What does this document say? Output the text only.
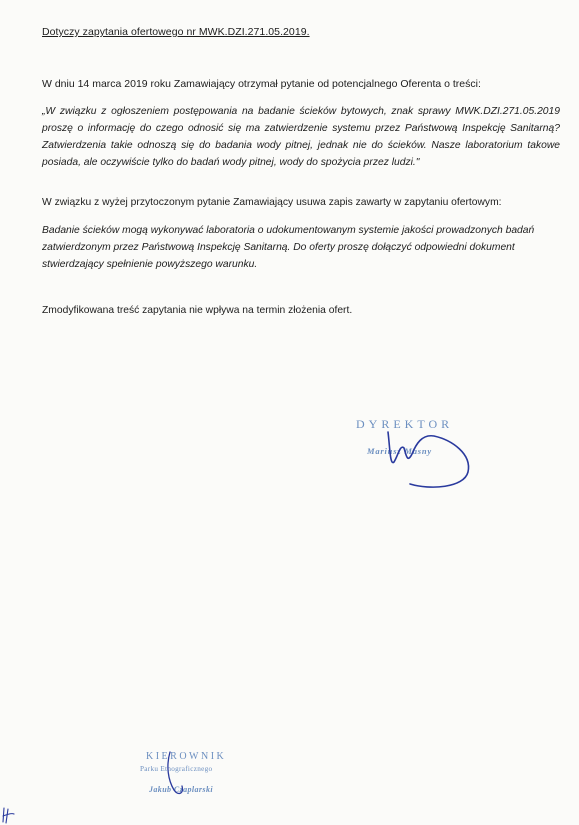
Dotyczy zapytania ofertowego nr MWK.DZI.271.05.2019.
W dniu 14 marca 2019 roku Zamawiający otrzymał pytanie od potencjalnego Oferenta o treści:
„W związku z ogłoszeniem postępowania na badanie ścieków bytowych, znak sprawy MWK.DZI.271.05.2019 proszę o informację do czego odnosić się ma zatwierdzenie systemu przez Państwową Inspekcję Sanitarną? Zatwierdzenia takie odnoszą się do badania wody pitnej, jednak nie do ścieków. Nasze laboratorium takowe posiada, ale oczywiście tylko do badań wody pitnej, wody do spożycia przez ludzi."
W związku z wyżej przytoczonym pytanie Zamawiający usuwa zapis zawarty w zapytaniu ofertowym:
Badanie ścieków mogą wykonywać laboratoria o udokumentowanym systemie jakości prowadzonych badań zatwierdzonym przez Państwową Inspekcję Sanitarną. Do oferty proszę dołączyć odpowiedni dokument stwierdzający spełnienie powyższego warunku.
Zmodyfikowana treść zapytania nie wpływa na termin złożenia ofert.
DYREKTOR
Mariusz Masny
KIEROWNIK
Parku Etnograficznego
Jakub Czaplarski
